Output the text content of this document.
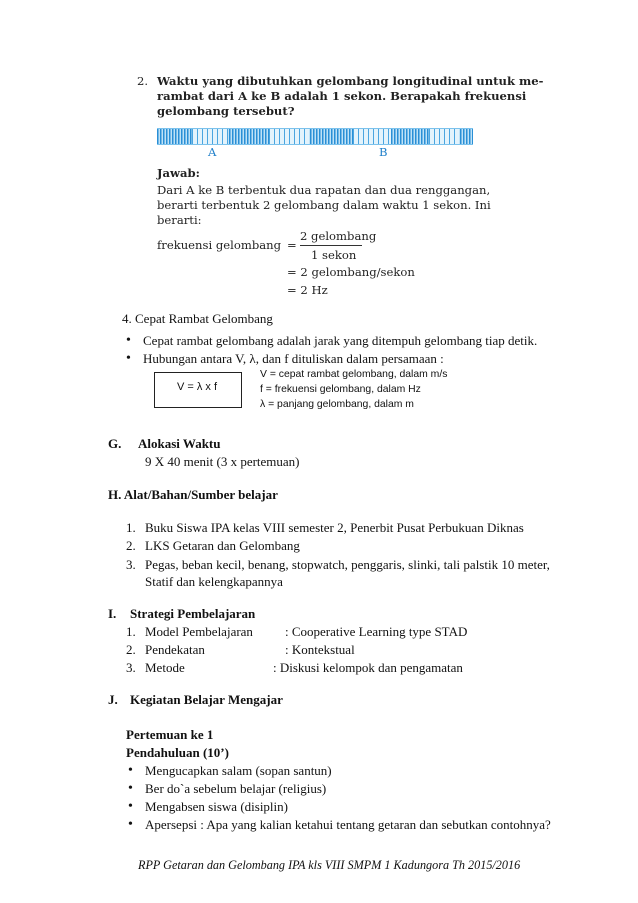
2. Waktu yang dibutuhkan gelombang longitudinal untuk me-
rambat dari A ke B adalah 1 sekon. Berapakah frekuensi
gelombang tersebut?
A	B
Jawab:
Dari A ke B terbentuk dua rapatan dan dua renggangan,
berarti terbentuk 2 gelombang dalam waktu 1 sekon. Ini
berarti:
frekuensi gelombang =
2 gelombang
1 sekon
= 2 gelombang/sekon
= 2 Hz
4. Cepat Rambat Gelombang
• Cepat rambat gelombang adalah jarak yang ditempuh gelombang tiap detik.
• Hubungan antara V, λ, dan f dituliskan dalam persamaan :
V = λ x f
V = cepat rambat gelombang, dalam m/s
f = frekuensi gelombang, dalam Hz
λ = panjang gelombang, dalam m
G. Alokasi Waktu
9 X 40 menit (3 x pertemuan)
H. Alat/Bahan/Sumber belajar
1. Buku Siswa IPA kelas VIII semester 2, Penerbit Pusat Perbukuan Diknas
2. LKS Getaran dan Gelombang
3. Pegas, beban kecil, benang, stopwatch, penggaris, slinki, tali palstik 10 meter,
Statif dan kelengkapannya
I. Strategi Pembelajaran
1. Model Pembelajaran : Cooperative Learning type STAD
2. Pendekatan	: Kontekstual
3. Metode	: Diskusi kelompok dan pengamatan
J. Kegiatan Belajar Mengajar
Pertemuan ke 1
Pendahuluan (10’)
• Mengucapkan salam (sopan santun)
• Ber do`a sebelum belajar (religius)
• Mengabsen siswa (disiplin)
• Apersepsi : Apa yang kalian ketahui tentang getaran dan sebutkan contohnya?
RPP Getaran dan Gelombang IPA kls VIII SMPM 1 Kadungora Th 2015/2016
